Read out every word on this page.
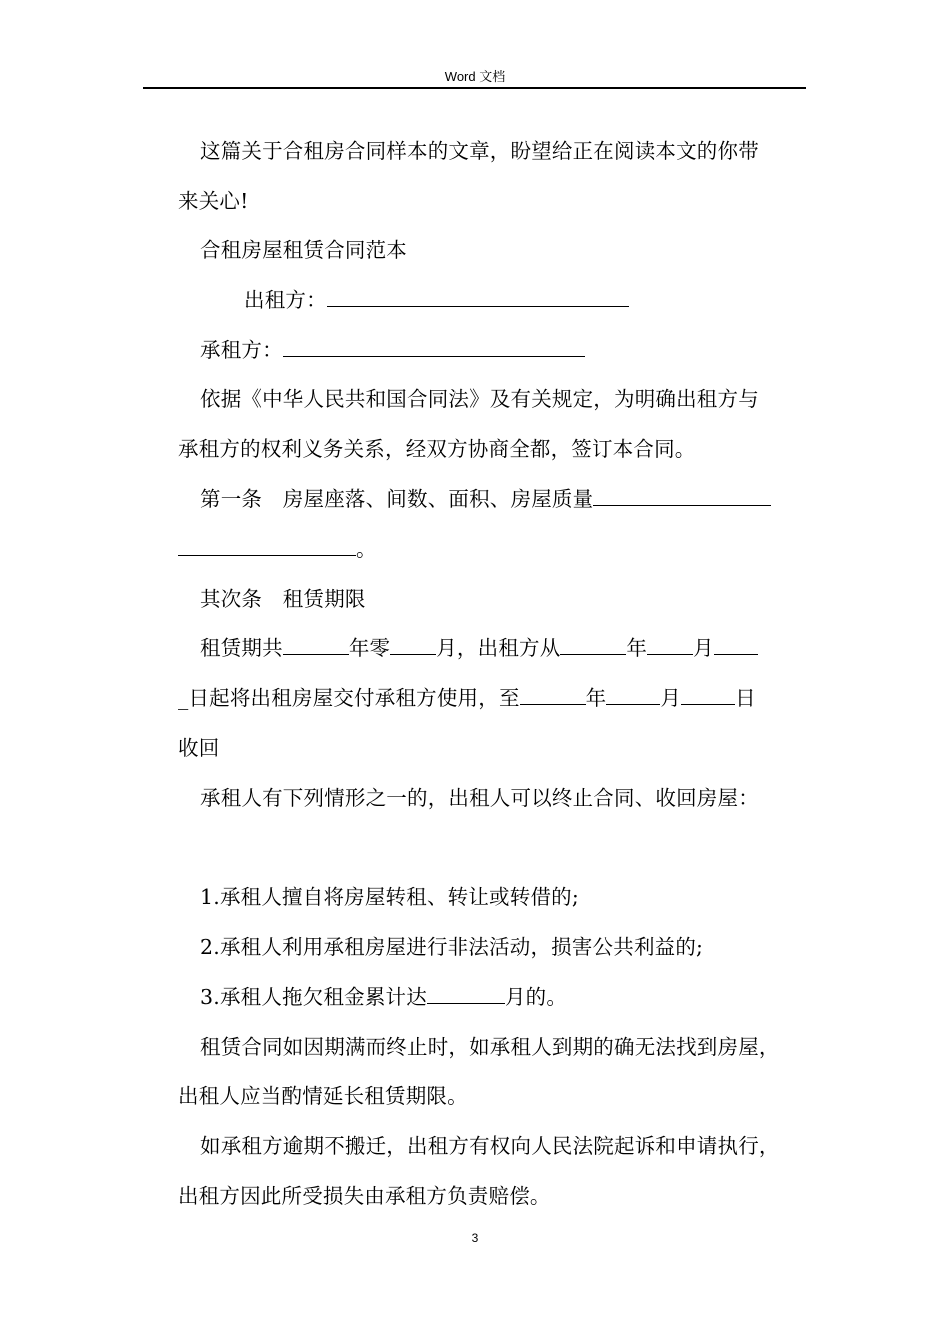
Word 文档
这篇关于合租房合同样本的文章，盼望给正在阅读本文的你带
来关心!
合租房屋租赁合同范本
出租方：
承租方：
依据《中华人民共和国合同法》及有关规定，为明确出租方与
承租方的权利义务关系，经双方协商全都，签订本合同。
第一条　房屋座落、间数、面积、房屋质量
。
其次条　租赁期限
租赁期共	年零 月，出租方从	年 月
_日起将出租房屋交付承租方使用，至	年	月	日
收回
承租人有下列情形之一的，出租人可以终止合同、收回房屋：
1.承租人擅自将房屋转租、转让或转借的;
2.承租人利用承租房屋进行非法活动，损害公共利益的;
3.承租人拖欠租金累计达	月的。
租赁合同如因期满而终止时，如承租人到期的确无法找到房屋，
出租人应当酌情延长租赁期限。
如承租方逾期不搬迁，出租方有权向人民法院起诉和申请执行，
出租方因此所受损失由承租方负责赔偿。
3
